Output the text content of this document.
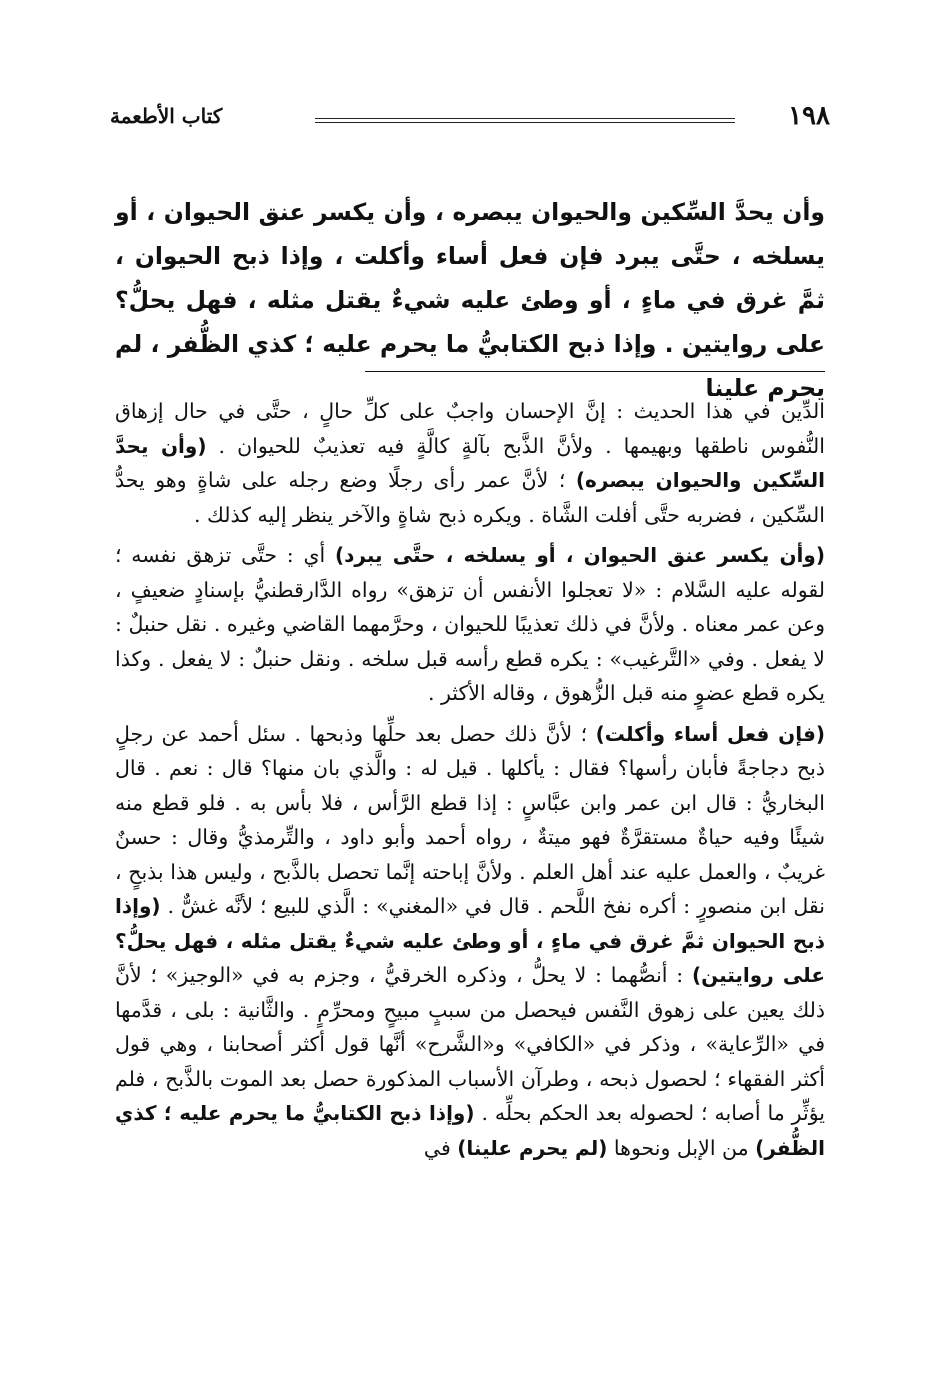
١٩٨
كتاب الأطعمة
وأن يحدَّ السِّكين والحيوان يبصره ، وأن يكسر عنق الحيوان ، أو يسلخه ، حتَّى يبرد فإن فعل أساء وأكلت ، وإذا ذبح الحيوان ، ثمَّ غرق في ماءٍ ، أو وطئ عليه شيءٌ يقتل مثله ، فهل يحلُّ؟ على روايتين . وإذا ذبح الكتابيُّ ما يحرم عليه ؛ كذي الظُّفر ، لم يحرم علينا

الدِّين في هذا الحديث : إنَّ الإحسان واجبٌ على كلِّ حالٍ ، حتَّى في حال إزهاق النُّفوس ناطقها وبهيمها . ولأنَّ الذَّبح بآلةٍ كالَّةٍ فيه تعذيبٌ للحيوان . (وأن يحدَّ السِّكين والحيوان يبصره) ؛ لأنَّ عمر رأى رجلًا وضع رجله على شاةٍ وهو يحدُّ السِّكين ، فضربه حتَّى أفلت الشَّاة . ويكره ذبح شاةٍ والآخر ينظر إليه كذلك .

(وأن يكسر عنق الحيوان ، أو يسلخه ، حتَّى يبرد) أي : حتَّى تزهق نفسه ؛ لقوله عليه السَّلام : «لا تعجلوا الأنفس أن تزهق» رواه الدَّارقطنيُّ بإسنادٍ ضعيفٍ ، وعن عمر معناه . ولأنَّ في ذلك تعذيبًا للحيوان ، وحرَّمهما القاضي وغيره . نقل حنبلٌ : لا يفعل . وفي «التَّرغيب» : يكره قطع رأسه قبل سلخه . ونقل حنبلٌ : لا يفعل . وكذا يكره قطع عضوٍ منه قبل الزُّهوق ، وقاله الأكثر .

(فإن فعل أساء وأكلت) ؛ لأنَّ ذلك حصل بعد حلِّها وذبحها . سئل أحمد عن رجلٍ ذبح دجاجةً فأبان رأسها؟ فقال : يأكلها . قيل له : والَّذي بان منها؟ قال : نعم . قال البخاريُّ : قال ابن عمر وابن عبَّاسٍ : إذا قطع الرَّأس ، فلا بأس به . فلو قطع منه شيئًا وفيه حياةٌ مستقرَّةٌ فهو ميتةٌ ، رواه أحمد وأبو داود ، والتِّرمذيُّ وقال : حسنٌ غريبٌ ، والعمل عليه عند أهل العلم . ولأنَّ إباحته إنَّما تحصل بالذَّبح ، وليس هذا بذبحٍ ، نقل ابن منصورٍ : أكره نفخ اللَّحم . قال في «المغني» : الَّذي للبيع ؛ لأنَّه غشٌّ . (وإذا ذبح الحيوان ثمَّ غرق في ماءٍ ، أو وطئ عليه شيءٌ يقتل مثله ، فهل يحلُّ؟ على روايتين) : أنصُّهما : لا يحلُّ ، وذكره الخرقيُّ ، وجزم به في «الوجيز» ؛ لأنَّ ذلك يعين على زهوق النَّفس فيحصل من سببٍ مبيحٍ ومحرِّمٍ . والثَّانية : بلى ، قدَّمها في «الرِّعاية» ، وذكر في «الكافي» و«الشَّرح» أنَّها قول أكثر أصحابنا ، وهي قول أكثر الفقهاء ؛ لحصول ذبحه ، وطرآن الأسباب المذكورة حصل بعد الموت بالذَّبح ، فلم يؤثِّر ما أصابه ؛ لحصوله بعد الحكم بحلِّه . (وإذا ذبح الكتابيُّ ما يحرم عليه ؛ كذي الظُّفر) من الإبل ونحوها (لم يحرم علينا) في
